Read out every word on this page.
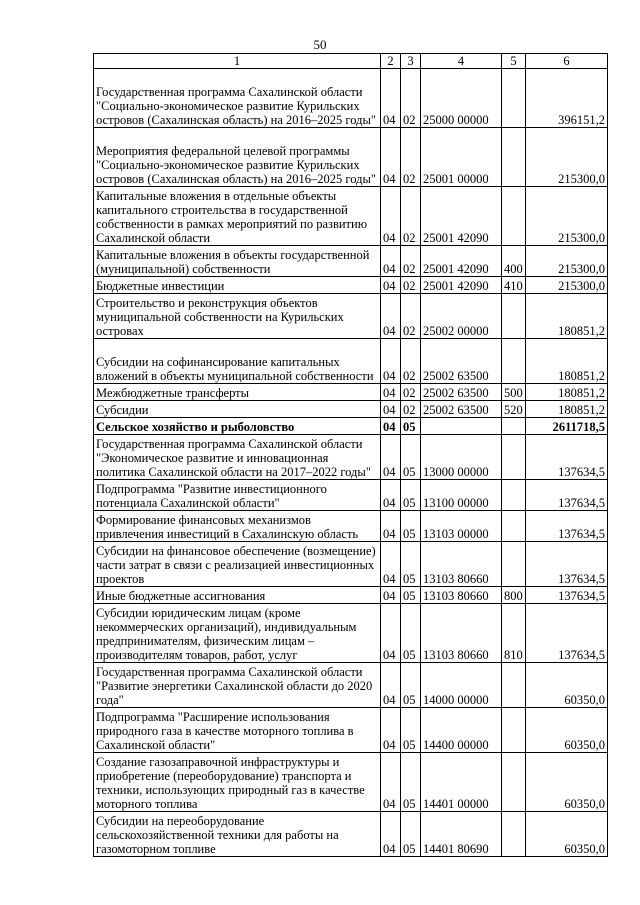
50
1	2	3	4	5	6
Государственная программа Сахалинской области "Социально-экономическое развитие Курильских островов (Сахалинская область) на 2016–2025 годы"	04	02	25000 00000		396151,2
Мероприятия федеральной целевой программы "Социально-экономическое развитие Курильских островов (Сахалинская область) на 2016–2025 годы"	04	02	25001 00000		215300,0
Капитальные вложения в отдельные объекты капитального строительства в государственной собственности в рамках мероприятий по развитию Сахалинской области	04	02	25001 42090		215300,0
Капитальные вложения в объекты государственной (муниципальной) собственности	04	02	25001 42090	400	215300,0
Бюджетные инвестиции	04	02	25001 42090	410	215300,0
Строительство и реконструкция объектов муниципальной собственности на Курильских островах	04	02	25002 00000		180851,2
Субсидии на софинансирование капитальных вложений в объекты муниципальной собственности	04	02	25002 63500		180851,2
Межбюджетные трансферты	04	02	25002 63500	500	180851,2
Субсидии	04	02	25002 63500	520	180851,2
Сельское хозяйство и рыболовство	04	05			2611718,5
Государственная программа Сахалинской области "Экономическое развитие и инновационная политика Сахалинской области на 2017–2022 годы"	04	05	13000 00000		137634,5
Подпрограмма "Развитие инвестиционного потенциала Сахалинской области"	04	05	13100 00000		137634,5
Формирование финансовых механизмов привлечения инвестиций в Сахалинскую область	04	05	13103 00000		137634,5
Субсидии на финансовое обеспечение (возмещение) части затрат в связи с реализацией инвестиционных проектов	04	05	13103 80660		137634,5
Иные бюджетные ассигнования	04	05	13103 80660	800	137634,5
Субсидии юридическим лицам (кроме некоммерческих организаций), индивидуальным предпринимателям, физическим лицам – производителям товаров, работ, услуг	04	05	13103 80660	810	137634,5
Государственная программа Сахалинской области "Развитие энергетики Сахалинской области до 2020 года"	04	05	14000 00000		60350,0
Подпрограмма "Расширение использования природного газа в качестве моторного топлива в Сахалинской области"	04	05	14400 00000		60350,0
Создание газозаправочной инфраструктуры и приобретение (переоборудование) транспорта и техники, использующих природный газ в качестве моторного топлива	04	05	14401 00000		60350,0
Субсидии на переоборудование сельскохозяйственной техники для работы на газомоторном топливе	04	05	14401 80690		60350,0
